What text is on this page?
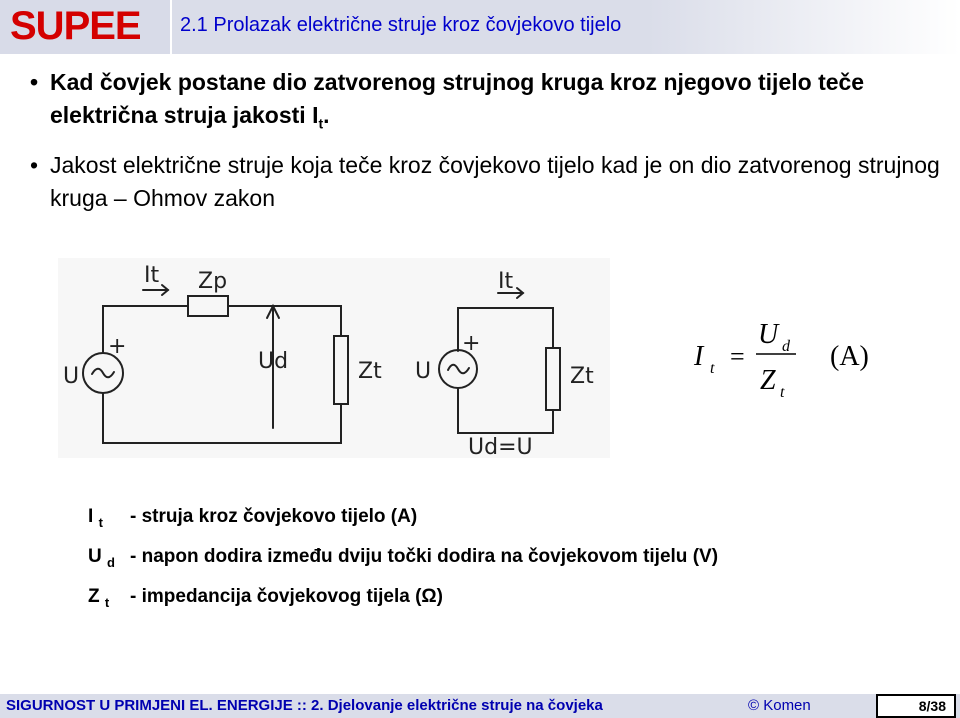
SUPEE 2.1 Prolazak električne struje kroz čovjekovo tijelo
• Kad čovjek postane dio zatvorenog strujnog kruga kroz njegovo tijelo teče električna struja jakosti $I_t$.
• Jakost električne struje koja teče kroz čovjekovo tijelo kad je on dio zatvorenog strujnog kruga – Ohmov zakon
It Zp
+
U
Ud	Zt
It
+
U	Zt
Ud=U
I t =
U d
Z t
(A)
I $_t$	- struja kroz čovjekovo tijelo (A)
U $_d$ - napon dodira između dviju točki dodira na čovjekovom tijelu (V)
Z $_t$	- impedancija čovjekovog tijela (Ω)
SIGURNOST U PRIMJENI EL. ENERGIJE :: 2. Djelovanje električne struje na čovjeka	© Komen	8/38
